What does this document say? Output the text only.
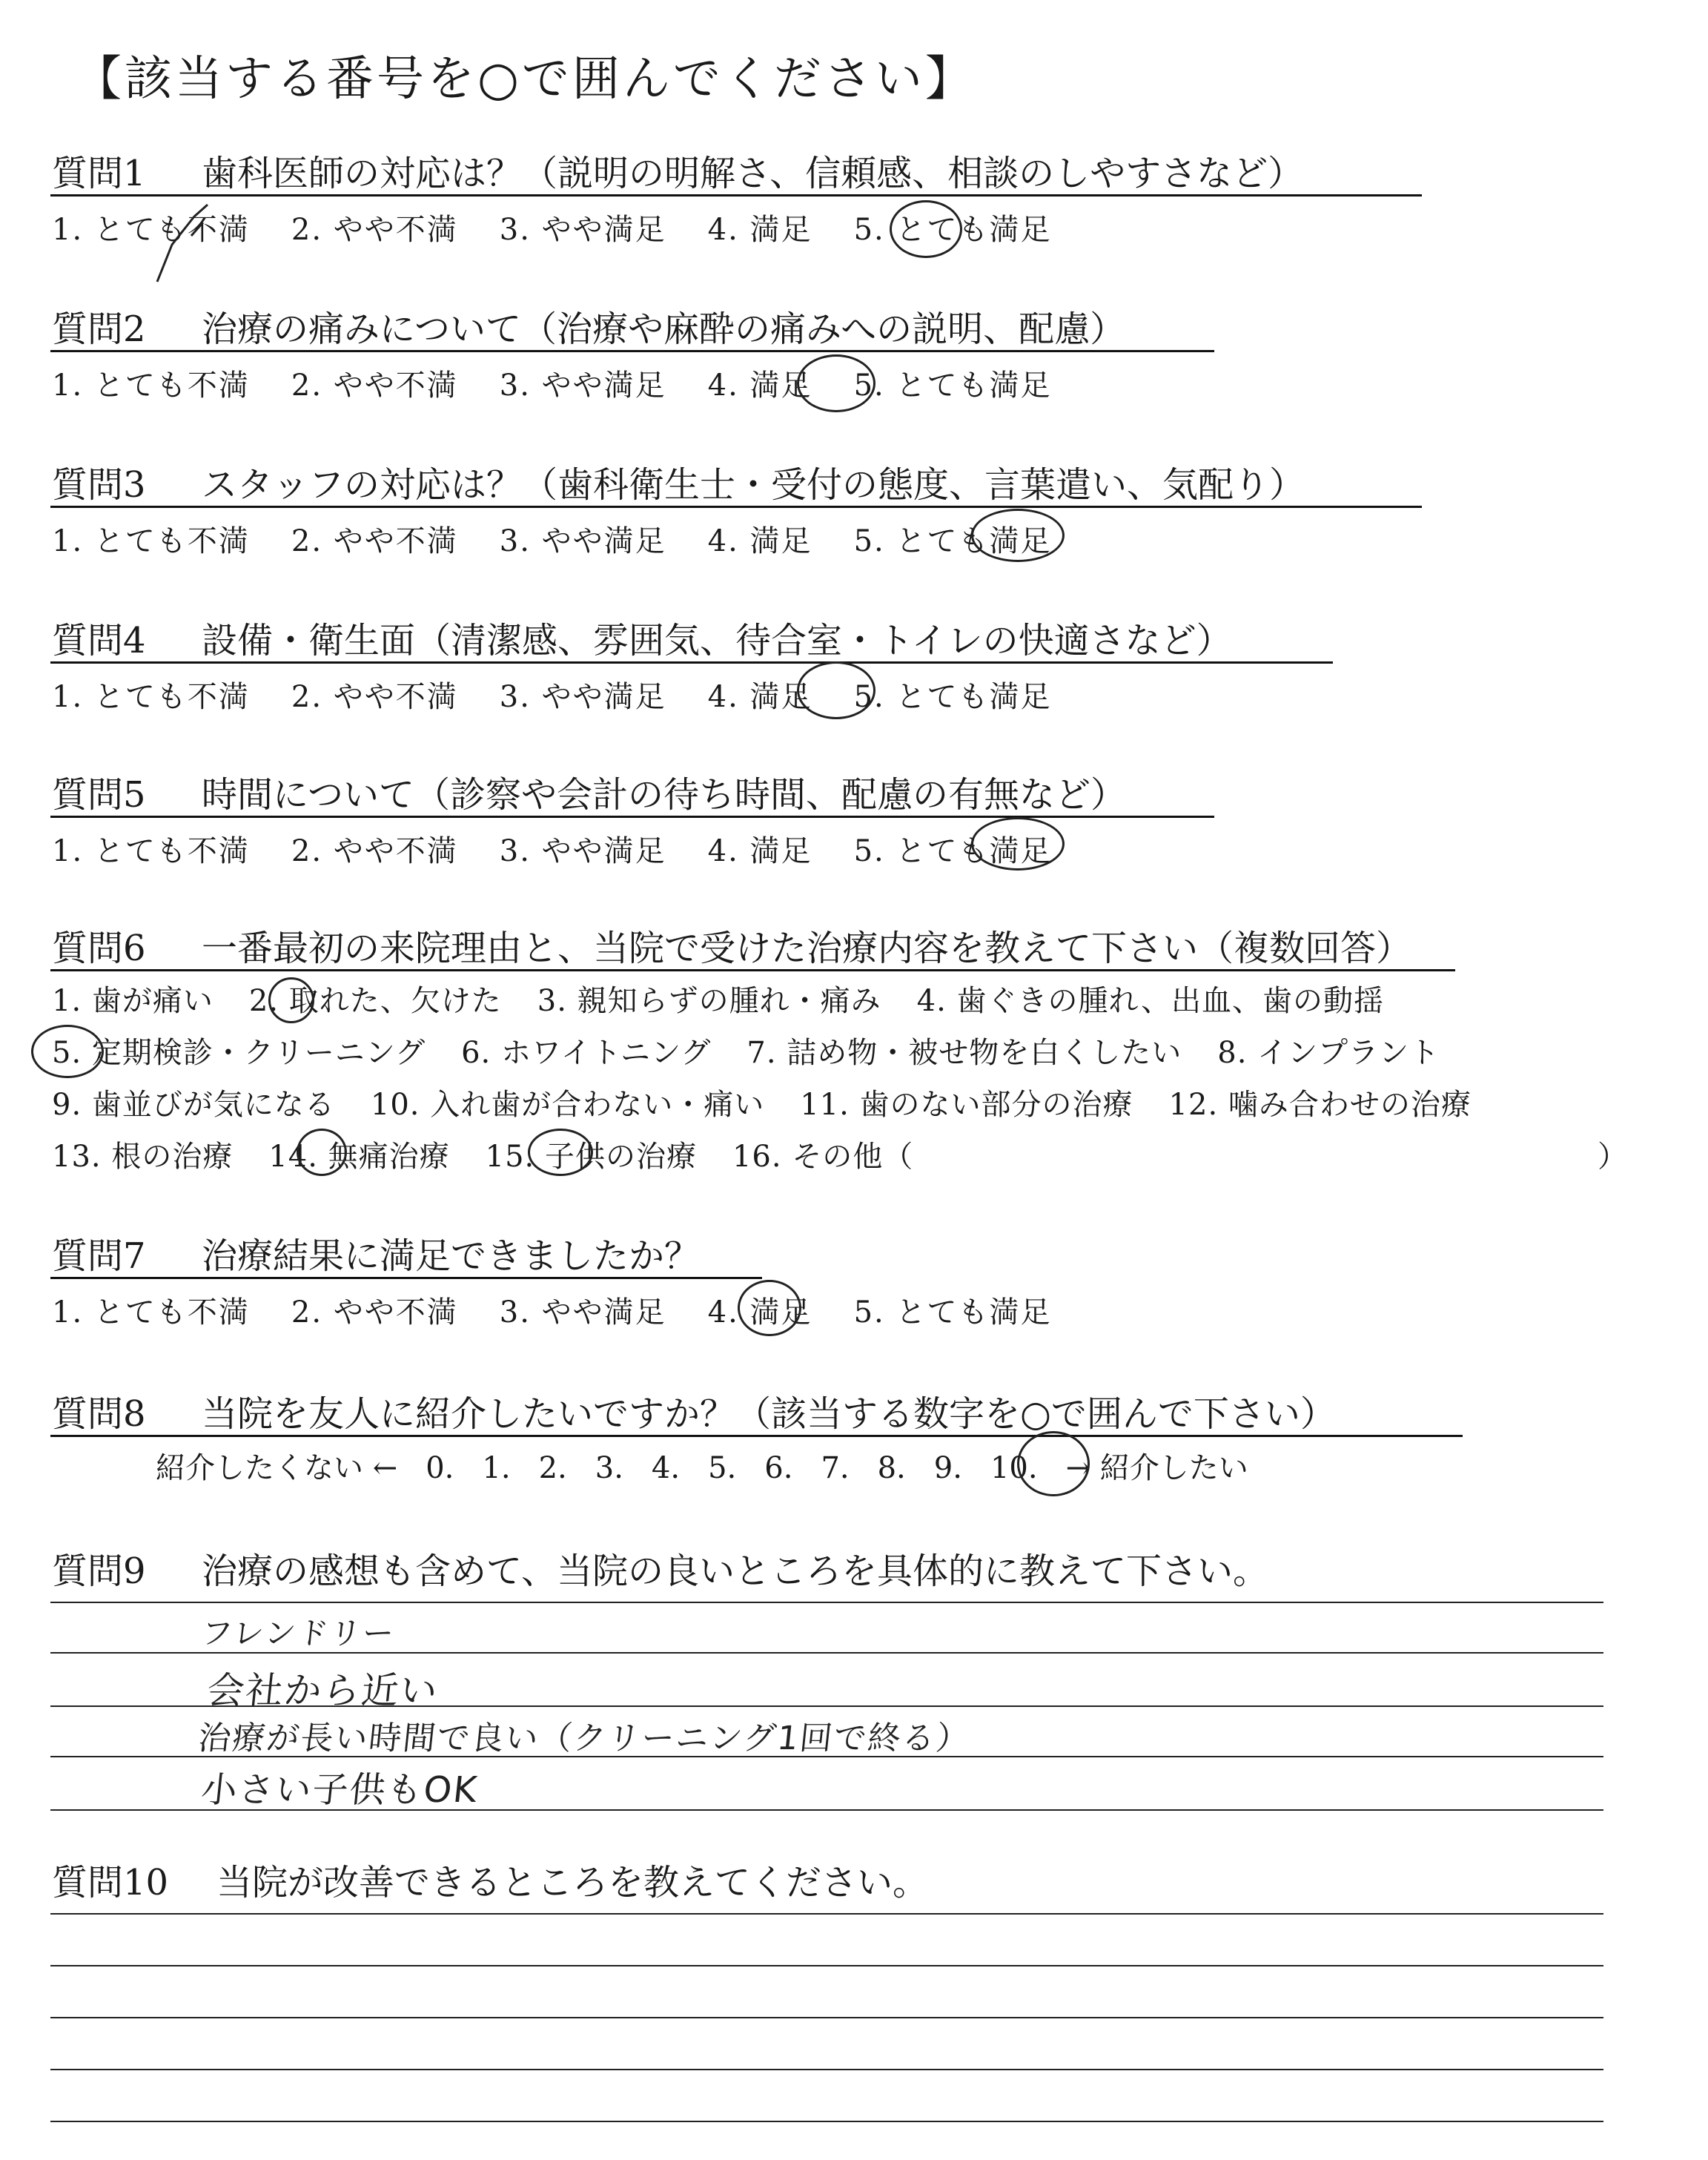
【該当する番号を○で囲んでください】
質問1 歯科医師の対応は？（説明の明解さ、信頼感、相談のしやすさなど）
1. とても不満 2. やや不満 3. やや満足 4. 満足 5. とても満足
質問2 治療の痛みについて（治療や麻酔の痛みへの説明、配慮）
1. とても不満 2. やや不満 3. やや満足 4. 満足 5. とても満足
質問3 スタッフの対応は？（歯科衛生士・受付の態度、言葉遣い、気配り）
1. とても不満 2. やや不満 3. やや満足 4. 満足 5. とても満足
質問4 設備・衛生面（清潔感、雰囲気、待合室・トイレの快適さなど）
1. とても不満 2. やや不満 3. やや満足 4. 満足 5. とても満足
質問5 時間について（診察や会計の待ち時間、配慮の有無など）
1. とても不満 2. やや不満 3. やや満足 4. 満足 5. とても満足
質問6 一番最初の来院理由と、当院で受けた治療内容を教えて下さい（複数回答）
1. 歯が痛い 2. 取れた、欠けた 3. 親知らずの腫れ・痛み 4. 歯ぐきの腫れ、出血、歯の動揺
5. 定期検診・クリーニング 6. ホワイトニング 7. 詰め物・被せ物を白くしたい 8. インプラント
9. 歯並びが気になる 10. 入れ歯が合わない・痛い 11. 歯のない部分の治療 12. 噛み合わせの治療
13. 根の治療 14. 無痛治療 15. 子供の治療 16. その他（	）
質問7 治療結果に満足できましたか？
1. とても不満 2. やや不満 3. やや満足 4. 満足 5. とても満足
質問8 当院を友人に紹介したいですか？（該当する数字を○で囲んで下さい）
紹介したくない ← 0. 1. 2. 3. 4. 5. 6. 7. 8. 9. 10. → 紹介したい
質問9 治療の感想も含めて、当院の良いところを具体的に教えて下さい。
フレンドリー
会社から近い
治療が長い時間で良い（クリーニング1回で終る）
小さい子供もOK
質問10 当院が改善できるところを教えてください。
